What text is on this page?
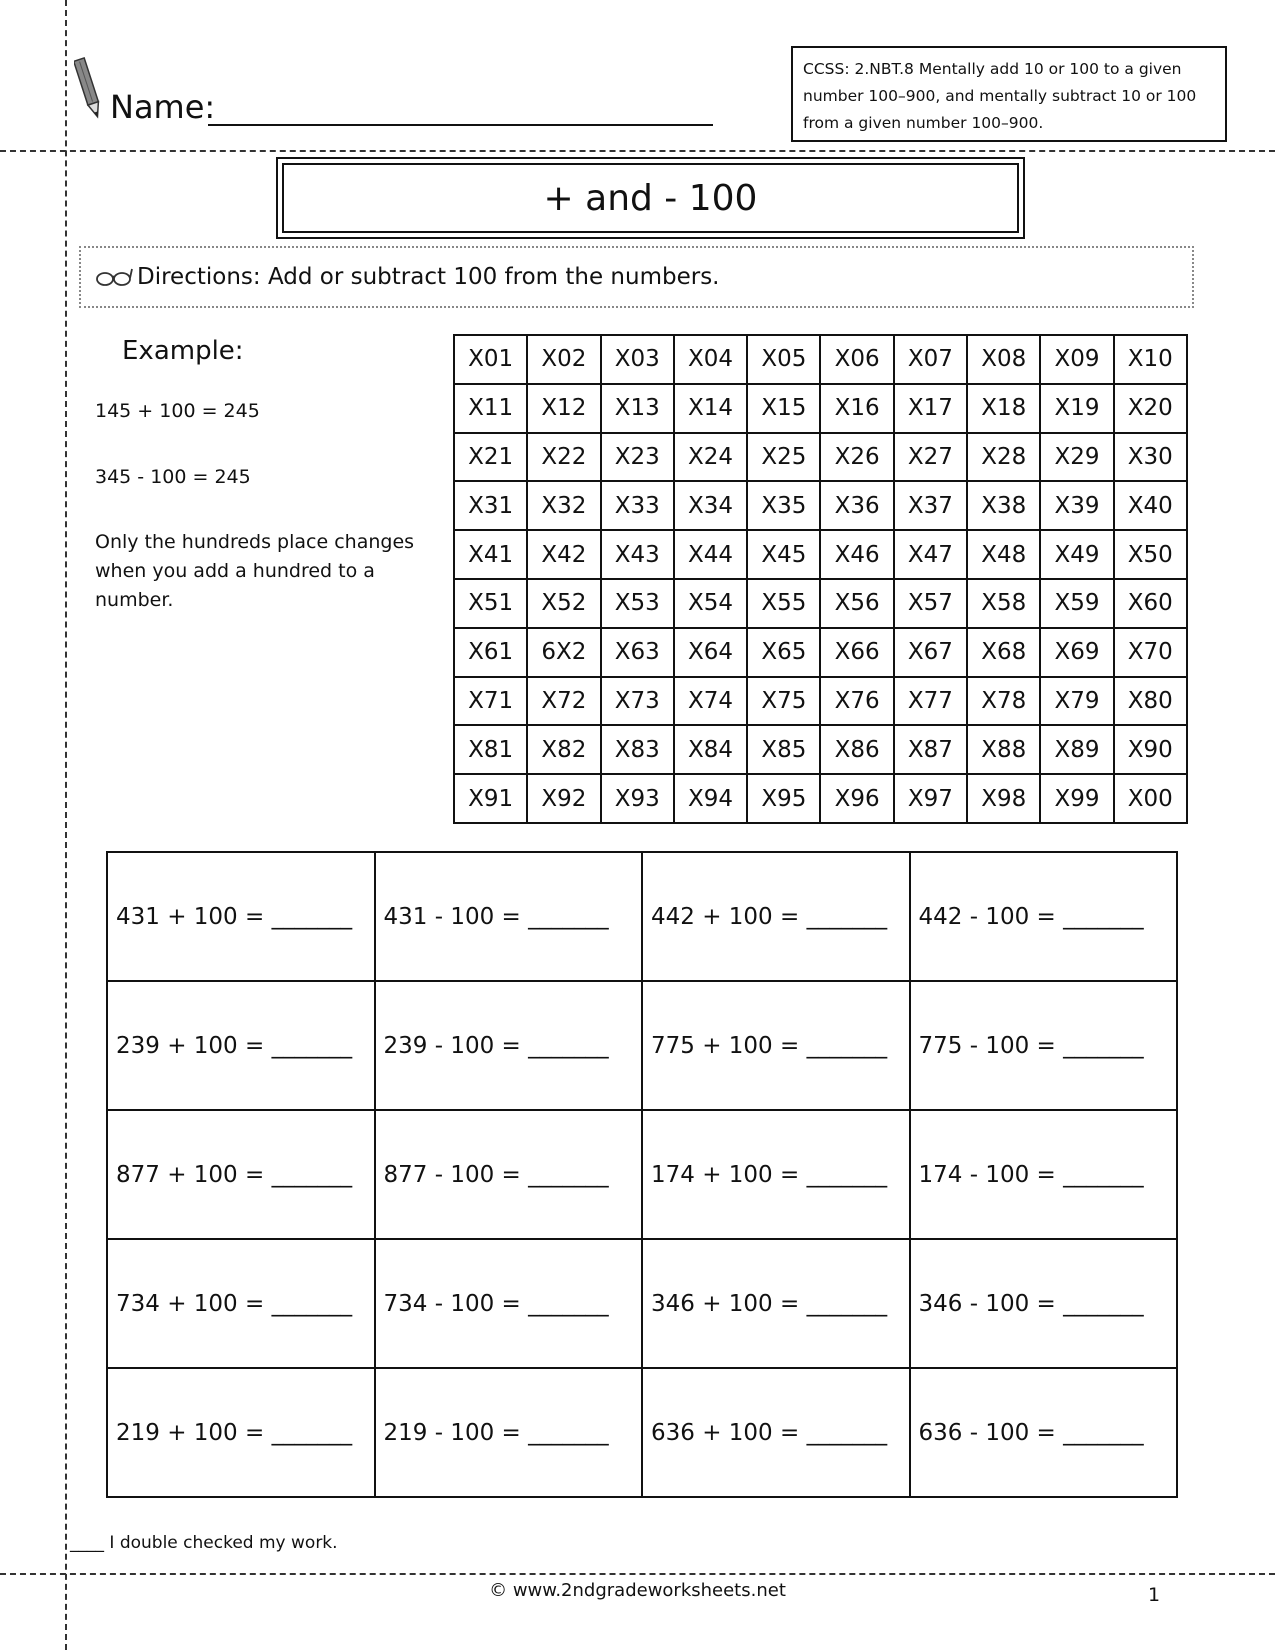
Name:
CCSS: 2.NBT.8 Mentally add 10 or 100 to a given number 100–900, and mentally subtract 10 or 100 from a given number 100–900.
+ and - 100
Directions: Add or subtract 100 from the numbers.
Example:
145 + 100 = 245
345 - 100 = 245
Only the hundreds place changes when you add a hundred to a number.
X01	X02	X03	X04	X05	X06	X07	X08	X09	X10
X11	X12	X13	X14	X15	X16	X17	X18	X19	X20
X21	X22	X23	X24	X25	X26	X27	X28	X29	X30
X31	X32	X33	X34	X35	X36	X37	X38	X39	X40
X41	X42	X43	X44	X45	X46	X47	X48	X49	X50
X51	X52	X53	X54	X55	X56	X57	X58	X59	X60
X61	6X2	X63	X64	X65	X66	X67	X68	X69	X70
X71	X72	X73	X74	X75	X76	X77	X78	X79	X80
X81	X82	X83	X84	X85	X86	X87	X88	X89	X90
X91	X92	X93	X94	X95	X96	X97	X98	X99	X00
431 + 100 = _______	431 - 100 = _______	442 + 100 = _______	442 - 100 = _______
239 + 100 = _______	239 - 100 = _______	775 + 100 = _______	775 - 100 = _______
877 + 100 = _______	877 - 100 = _______	174 + 100 = _______	174 - 100 = _______
734 + 100 = _______	734 - 100 = _______	346 + 100 = _______	346 - 100 = _______
219 + 100 = _______	219 - 100 = _______	636 + 100 = _______	636 - 100 = _______
____ I double checked my work.
© www.2ndgradeworksheets.net	1
